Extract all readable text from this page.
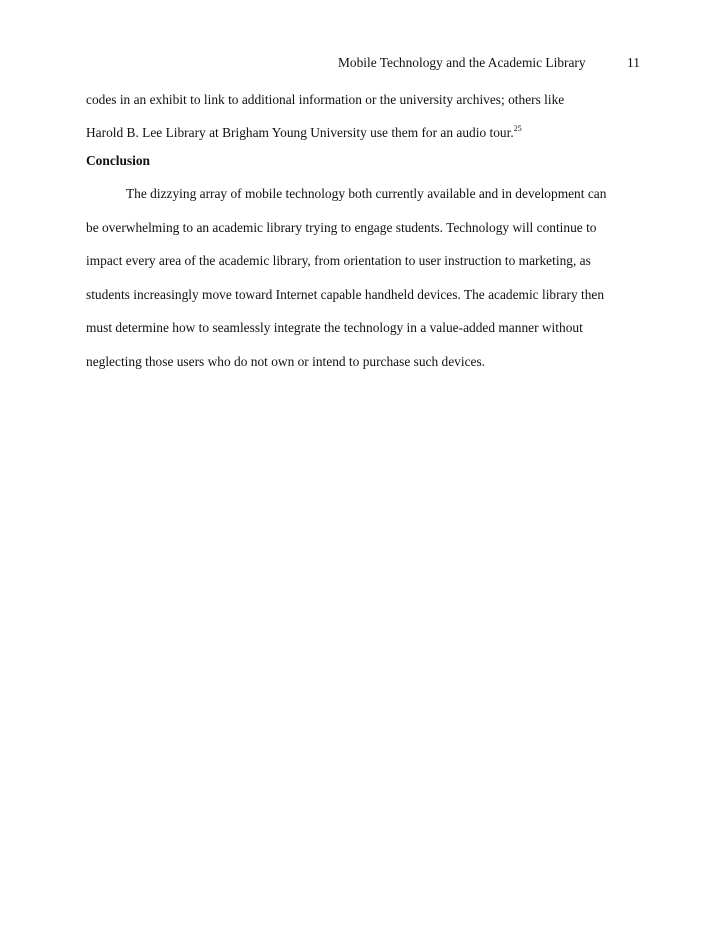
Mobile Technology and the Academic Library	11
codes in an exhibit to link to additional information or the university archives; others like
Harold B. Lee Library at Brigham Young University use them for an audio tour.$^{25}$
Conclusion
The dizzying array of mobile technology both currently available and in development can
be overwhelming to an academic library trying to engage students. Technology will continue to
impact every area of the academic library, from orientation to user instruction to marketing, as
students increasingly move toward Internet capable handheld devices. The academic library then
must determine how to seamlessly integrate the technology in a value-added manner without
neglecting those users who do not own or intend to purchase such devices.
